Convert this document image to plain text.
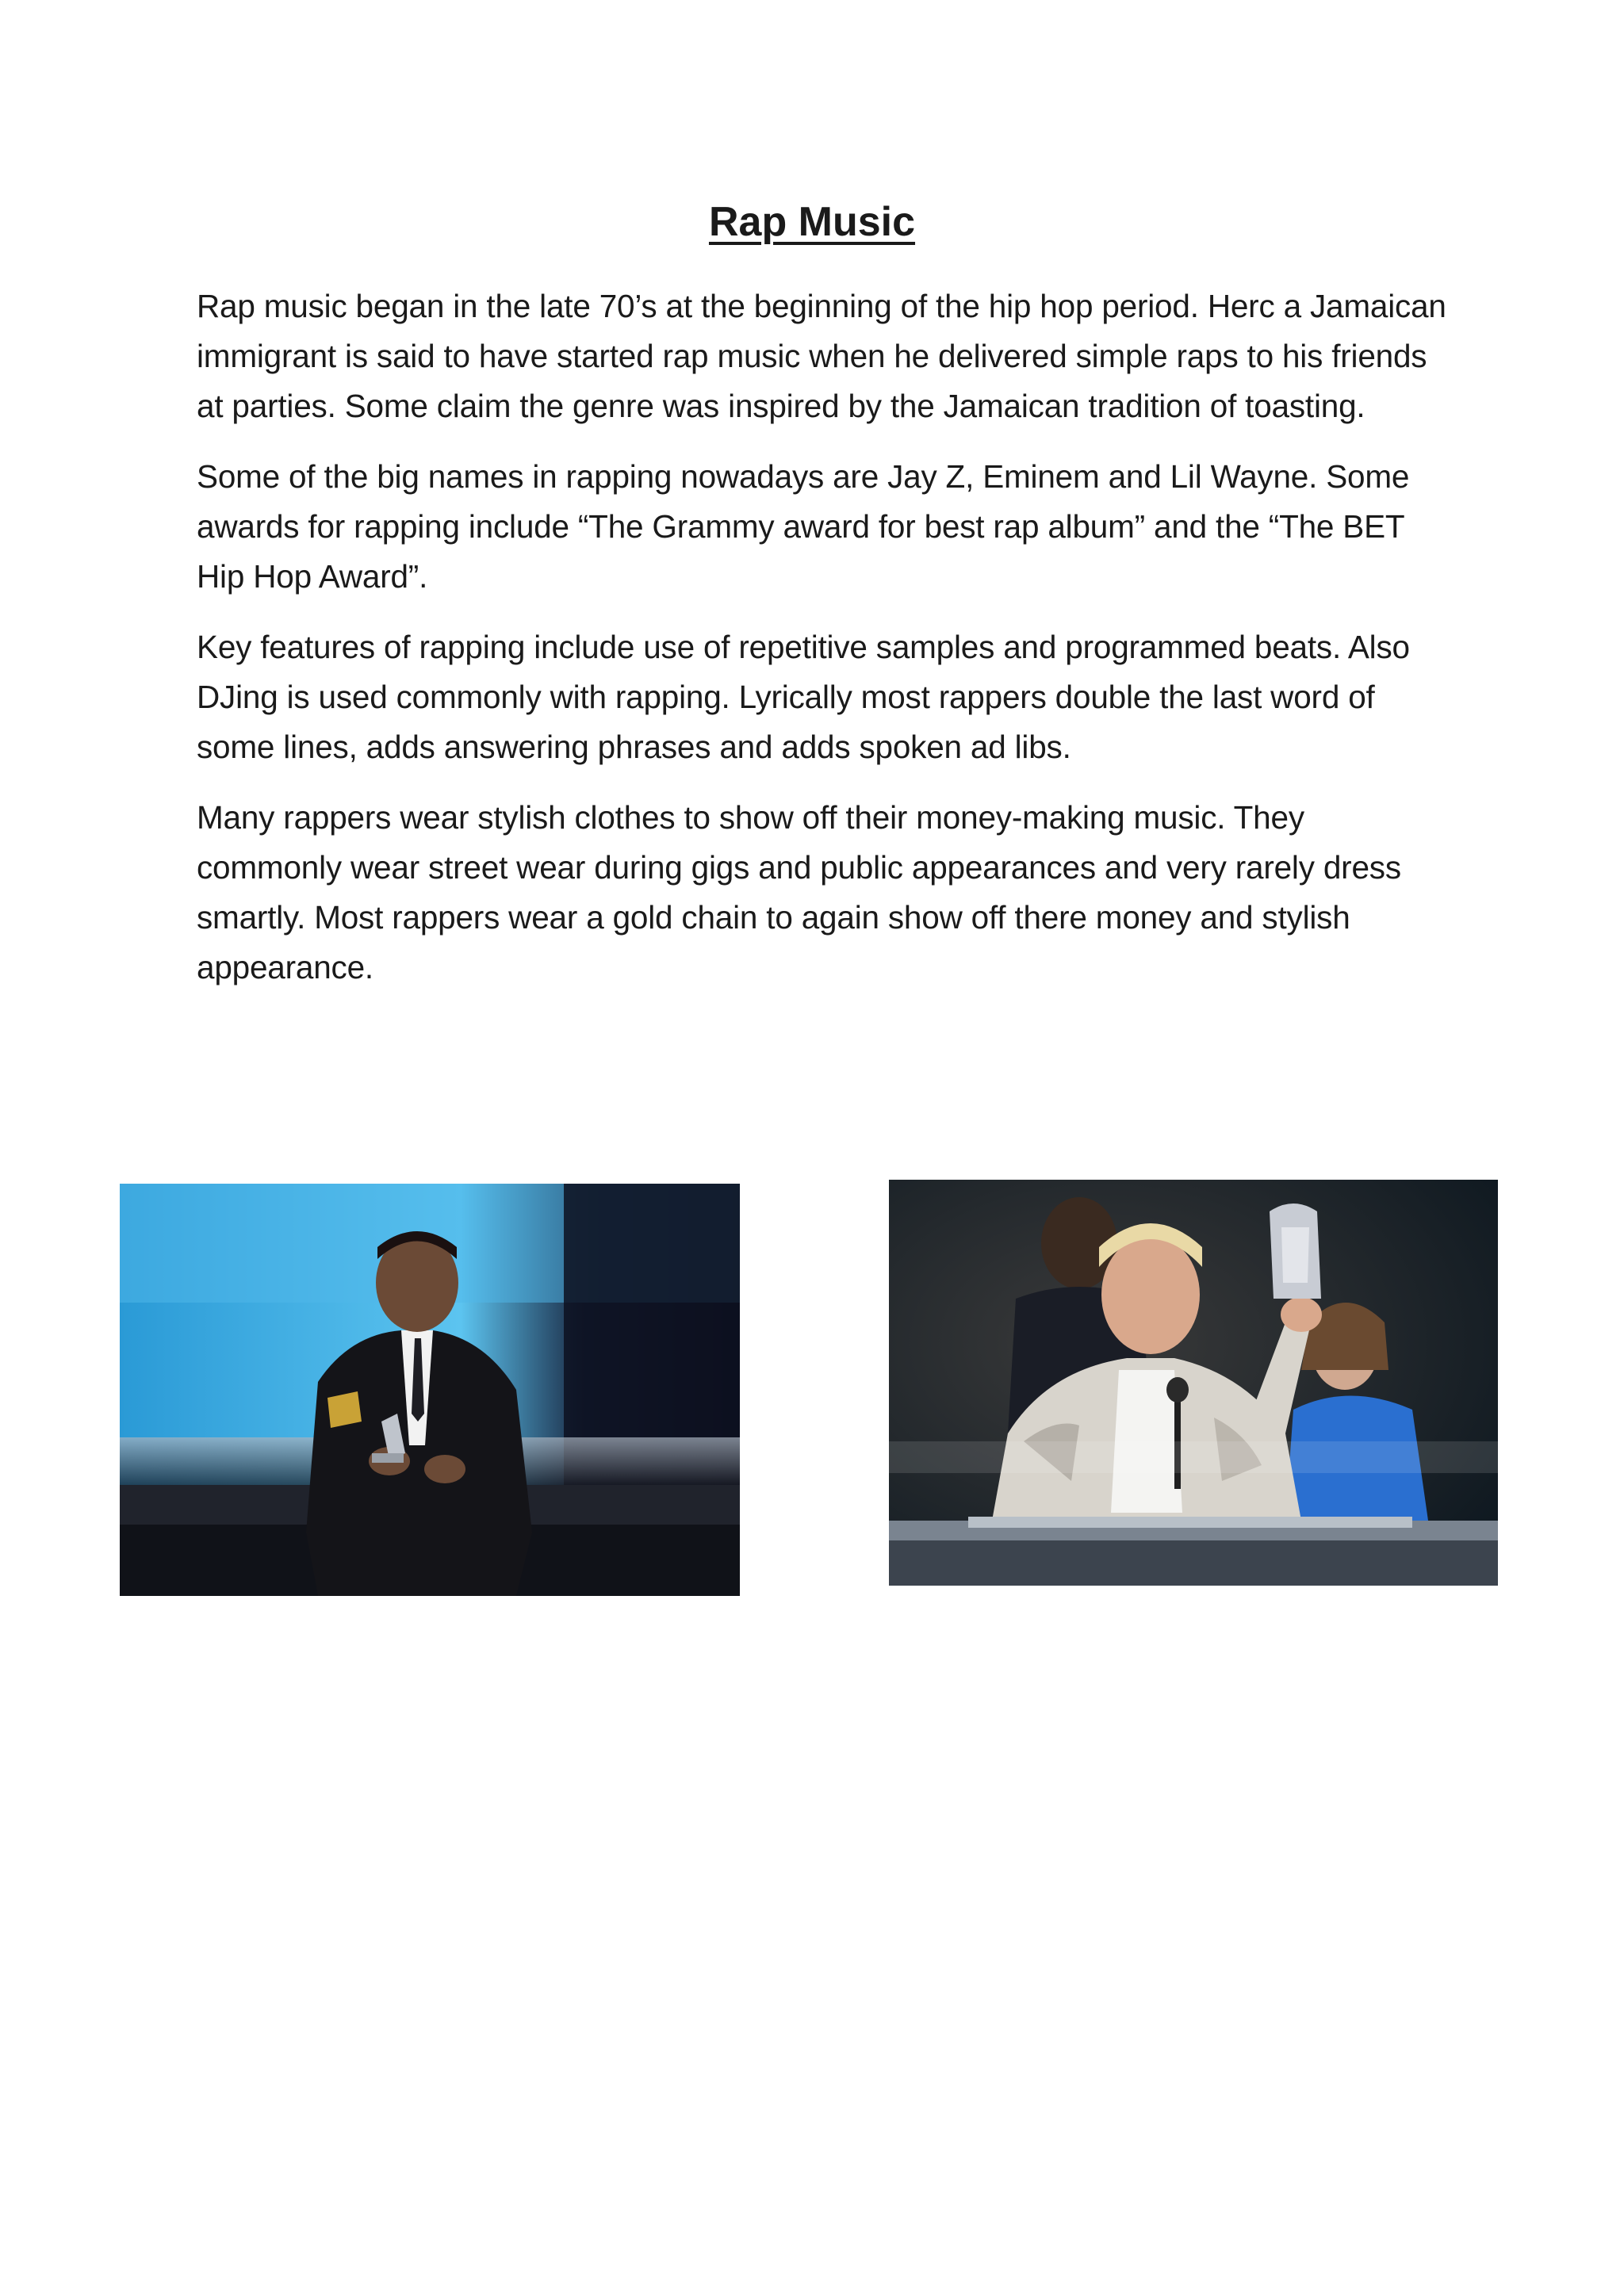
Rap Music

Rap music began in the late 70’s at the beginning of the hip hop period. Herc a Jamaican immigrant is said to have started rap music when he delivered simple raps to his friends at parties. Some claim the genre was inspired by the Jamaican tradition of toasting.

Some of the big names in rapping nowadays are Jay Z, Eminem and Lil Wayne. Some awards for rapping include “The Grammy award for best rap album” and the “The BET Hip Hop Award”.

Key features of rapping include use of repetitive samples and programmed beats. Also DJing is used commonly with rapping. Lyrically most rappers double the last word of some lines, adds answering phrases and adds spoken ad libs.

Many rappers wear stylish clothes to show off their money-making music. They commonly wear street wear during gigs and public appearances and very rarely dress smartly. Most rappers wear a gold chain to again show off there money and stylish appearance.
